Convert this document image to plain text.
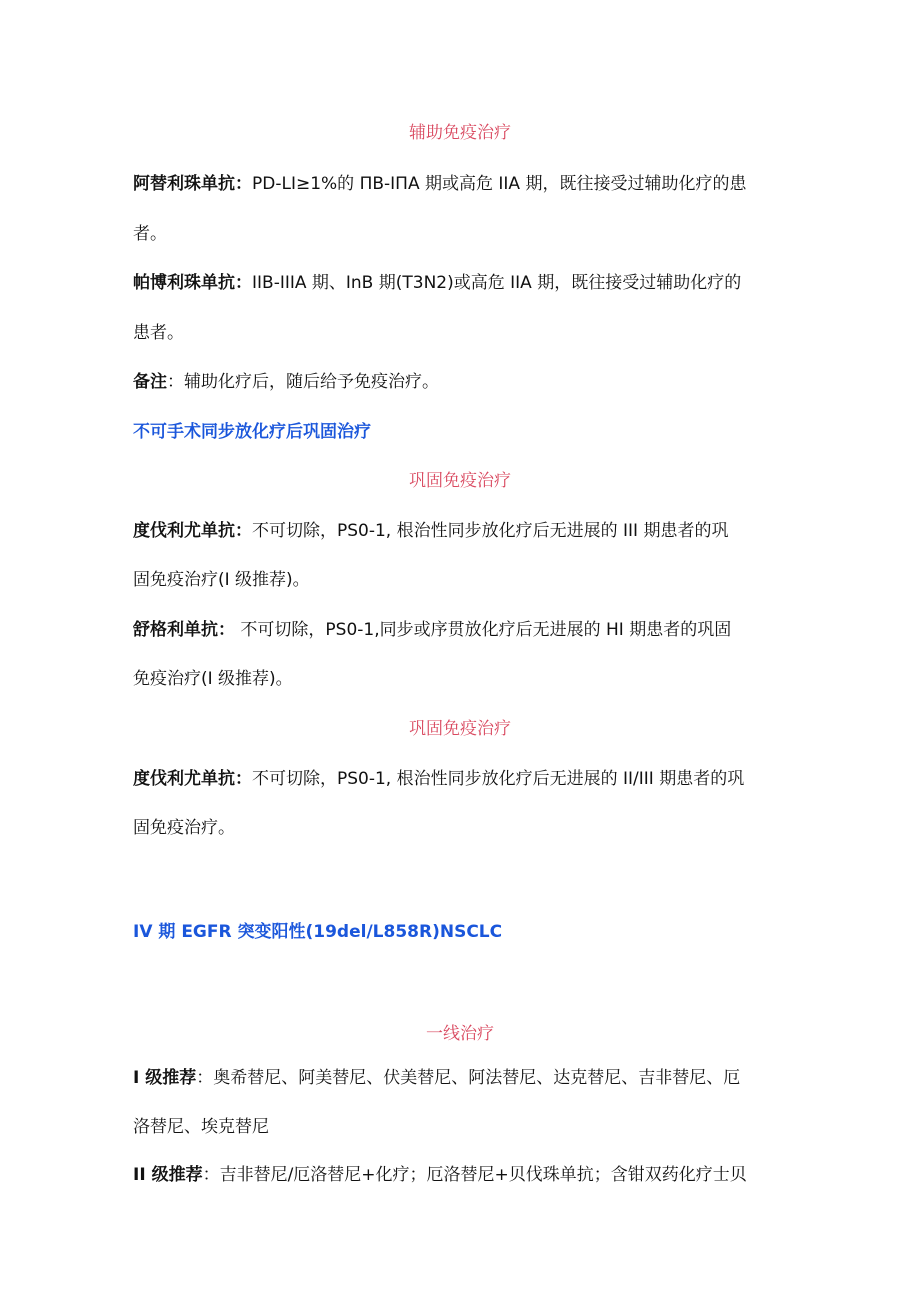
辅助免疫治疗
阿替利珠单抗：PD-LI≥1%的 ΠB-IΠA 期或高危 IIA 期，既往接受过辅助化疗的患
者。
帕博利珠单抗：IIB-IIIA 期、InB 期(T3N2)或高危 IIA 期，既往接受过辅助化疗的
患者。
备注：辅助化疗后，随后给予免疫治疗。
不可手术同步放化疗后巩固治疗
巩固免疫治疗
度伐利尤单抗：不可切除，PS0-1, 根治性同步放化疗后无进展的 III 期患者的巩
固免疫治疗(I 级推荐)。
舒格利单抗： 不可切除，PS0-1,同步或序贯放化疗后无进展的 HI 期患者的巩固
免疫治疗(I 级推荐)。
巩固免疫治疗
度伐利尤单抗：不可切除，PS0-1, 根治性同步放化疗后无进展的 II/III 期患者的巩
固免疫治疗。
IV 期 EGFR 突变阳性(19del/L858R)NSCLC
一线治疗
I 级推荐：奥希替尼、阿美替尼、伏美替尼、阿法替尼、达克替尼、吉非替尼、厄
洛替尼、埃克替尼
II 级推荐：吉非替尼/厄洛替尼+化疗；厄洛替尼+贝伐珠单抗；含钳双药化疗士贝
